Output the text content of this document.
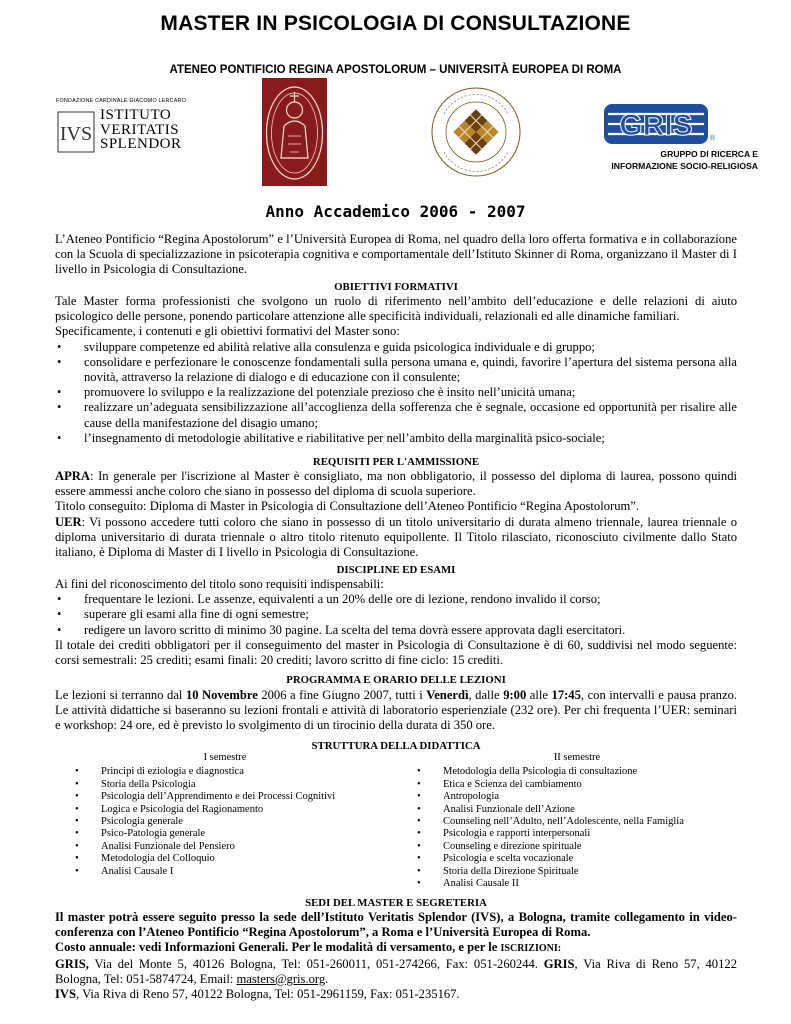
MASTER IN PSICOLOGIA DI CONSULTAZIONE
ATENEO PONTIFICIO REGINA APOSTOLORUM – UNIVERSITÀ EUROPEA DI ROMA
FONDAZIONE CARDINALE GIACOMO LERCARO
IVS
ISTITUTO
VERITATIS
SPLENDOR
GRIS ®
GRUPPO DI RICERCA E
INFORMAZIONE SOCIO-RELIGIOSA
Anno Accademico 2006 - 2007
L’Ateneo Pontificio “Regina Apostolorum” e l’Università Europea di Roma, nel quadro della loro offerta formativa e in collaborazione con la Scuola di specializzazione in psicoterapia cognitiva e comportamentale dell’Istituto Skinner di Roma, organizzano il Master di I livello in Psicologia di Consultazione.
OBIETTIVI FORMATIVI
Tale Master forma professionisti che svolgono un ruolo di riferimento nell’ambito dell’educazione e delle relazioni di aiuto psicologico delle persone, ponendo particolare attenzione alle specificità individuali, relazionali ed alle dinamiche familiari.
Specificamente, i contenuti e gli obiettivi formativi del Master sono:
• sviluppare competenze ed abilità relative alla consulenza e guida psicologica individuale e di gruppo;
• consolidare e perfezionare le conoscenze fondamentali sulla persona umana e, quindi, favorire l’apertura del sistema persona alla novità, attraverso la relazione di dialogo e di educazione con il consulente;
• promuovere lo sviluppo e la realizzazione del potenziale prezioso che è insito nell’unicità umana;
• realizzare un’adeguata sensibilizzazione all’accoglienza della sofferenza che è segnale, occasione ed opportunità per risalire alle cause della manifestazione del disagio umano;
• l’insegnamento di metodologie abilitative e riabilitative per nell’ambito della marginalità psico-sociale;
REQUISITI PER L'AMMISSIONE
APRA: In generale per l'iscrizione al Master è consigliato, ma non obbligatorio, il possesso del diploma di laurea, possono quindi essere ammessi anche coloro che siano in possesso del diploma di scuola superiore.
Titolo conseguito: Diploma di Master in Psicologia di Consultazione dell’Ateneo Pontificio “Regina Apostolorum”.
UER: Vi possono accedere tutti coloro che siano in possesso di un titolo universitario di durata almeno triennale, laurea triennale o diploma universitario di durata triennale o altro titolo ritenuto equipollente. Il Titolo rilasciato, riconosciuto civilmente dallo Stato italiano, è Diploma di Master di I livello in Psicologia di Consultazione.
DISCIPLINE ED ESAMI
Ai fini del riconoscimento del titolo sono requisiti indispensabili:
• frequentare le lezioni. Le assenze, equivalenti a un 20% delle ore di lezione, rendono invalido il corso;
• superare gli esami alla fine di ogni semestre;
• redigere un lavoro scritto di minimo 30 pagine. La scelta del tema dovrà essere approvata dagli esercitatori.
Il totale dei crediti obbligatori per il conseguimento del master in Psicologia di Consultazione è di 60, suddivisi nel modo seguente: corsi semestrali: 25 crediti; esami finali: 20 crediti; lavoro scritto di fine ciclo: 15 crediti.
PROGRAMMA E ORARIO DELLE LEZIONI
Le lezioni si terranno dal 10 Novembre 2006 a fine Giugno 2007, tutti i Venerdì, dalle 9:00 alle 17:45, con intervalli e pausa pranzo. Le attività didattiche si baseranno su lezioni frontali e attività di laboratorio esperienziale (232 ore). Per chi frequenta l’UER: seminari e workshop: 24 ore, ed è previsto lo svolgimento di un tirocinio della durata di 350 ore.
STRUTTURA DELLA DIDATTICA
I semestre
• Principi di eziologia e diagnostica
• Storia della Psicologia
• Psicologia dell’Apprendimento e dei Processi Cognitivi
• Logica e Psicologia del Ragionamento
• Psicologia generale
• Psico-Patologia generale
• Analisi Funzionale del Pensiero
• Metodologia del Colloquio
• Analisi Causale I
II semestre
• Metodologia della Psicologia di consultazione
• Etica e Scienza del cambiamento
• Antropologia
• Analisi Funzionale dell’Azione
• Counseling nell’Adulto, nell’Adolescente, nella Famiglia
• Psicologia e rapporti interpersonali
• Counseling e direzione spirituale
• Psicologia e scelta vocazionale
• Storia della Direzione Spirituale
• Analisi Causale II
SEDI DEL MASTER E SEGRETERIA
Il master potrà essere seguito presso la sede dell’Istituto Veritatis Splendor (IVS), a Bologna, tramite collegamento in video-conferenza con l’Ateneo Pontificio “Regina Apostolorum”, a Roma e l’Università Europea di Roma.
Costo annuale: vedi Informazioni Generali. Per le modalità di versamento, e per le ISCRIZIONI:
GRIS, Via del Monte 5, 40126 Bologna, Tel: 051-260011, 051-274266, Fax: 051-260244. GRIS, Via Riva di Reno 57, 40122 Bologna, Tel: 051-5874724, Email: masters@gris.org.
IVS, Via Riva di Reno 57, 40122 Bologna, Tel: 051-2961159, Fax: 051-235167.
